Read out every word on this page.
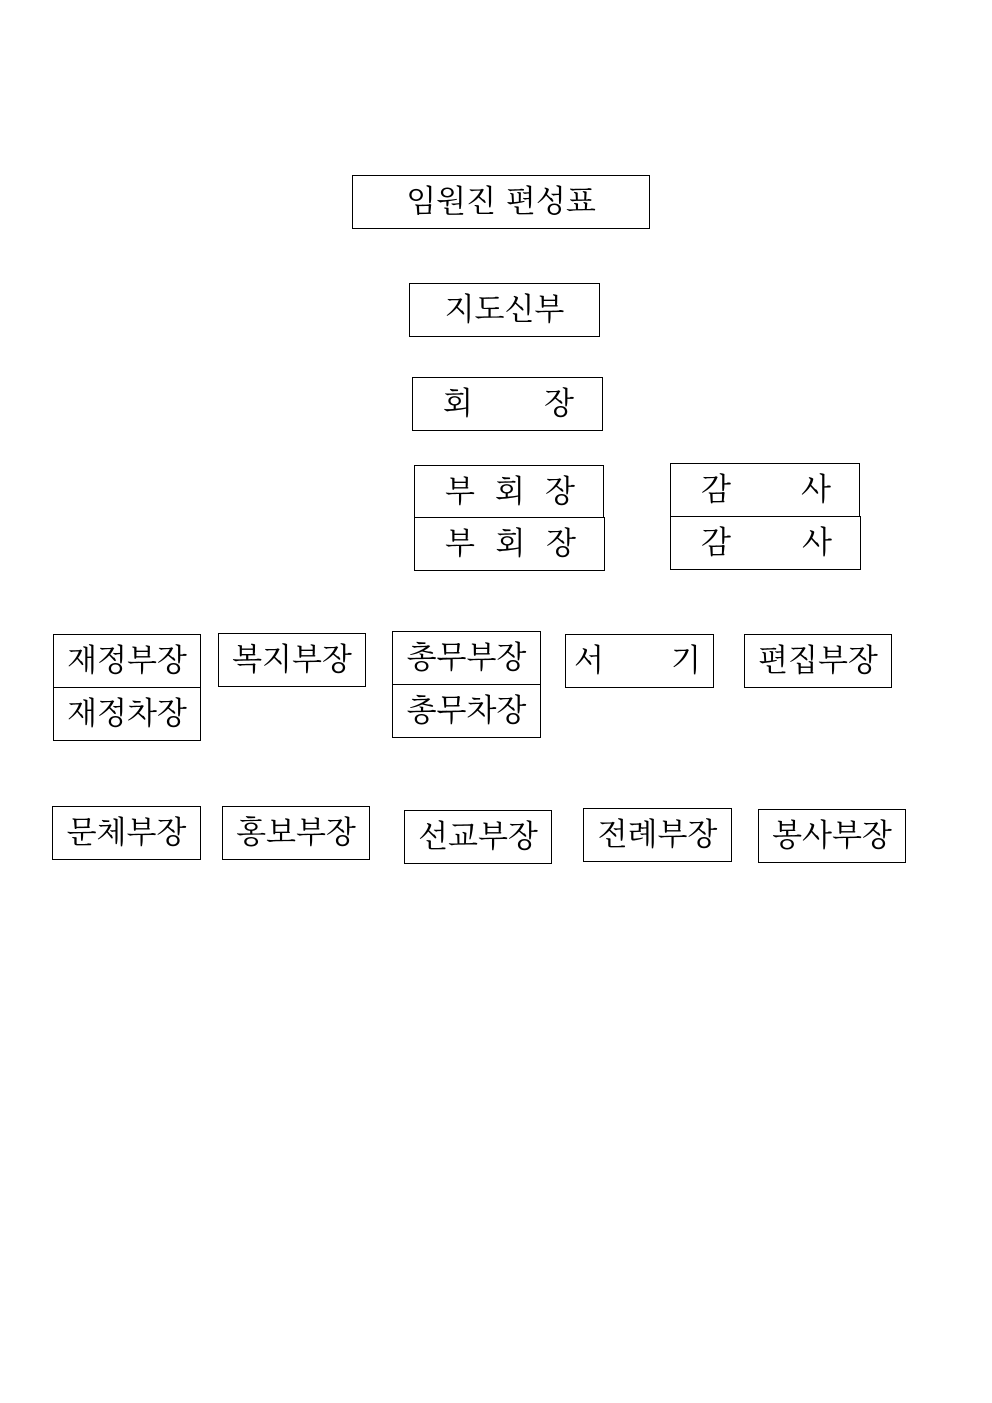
임원진 편성표
지도신부
회 장
부 회 장
부 회 장
감 사
감 사
재정부장
재정차장
복지부장 총무부장
총무차장
서 기 편집부장
문체부장 홍보부장 선교부장 전례부장 봉사부장
